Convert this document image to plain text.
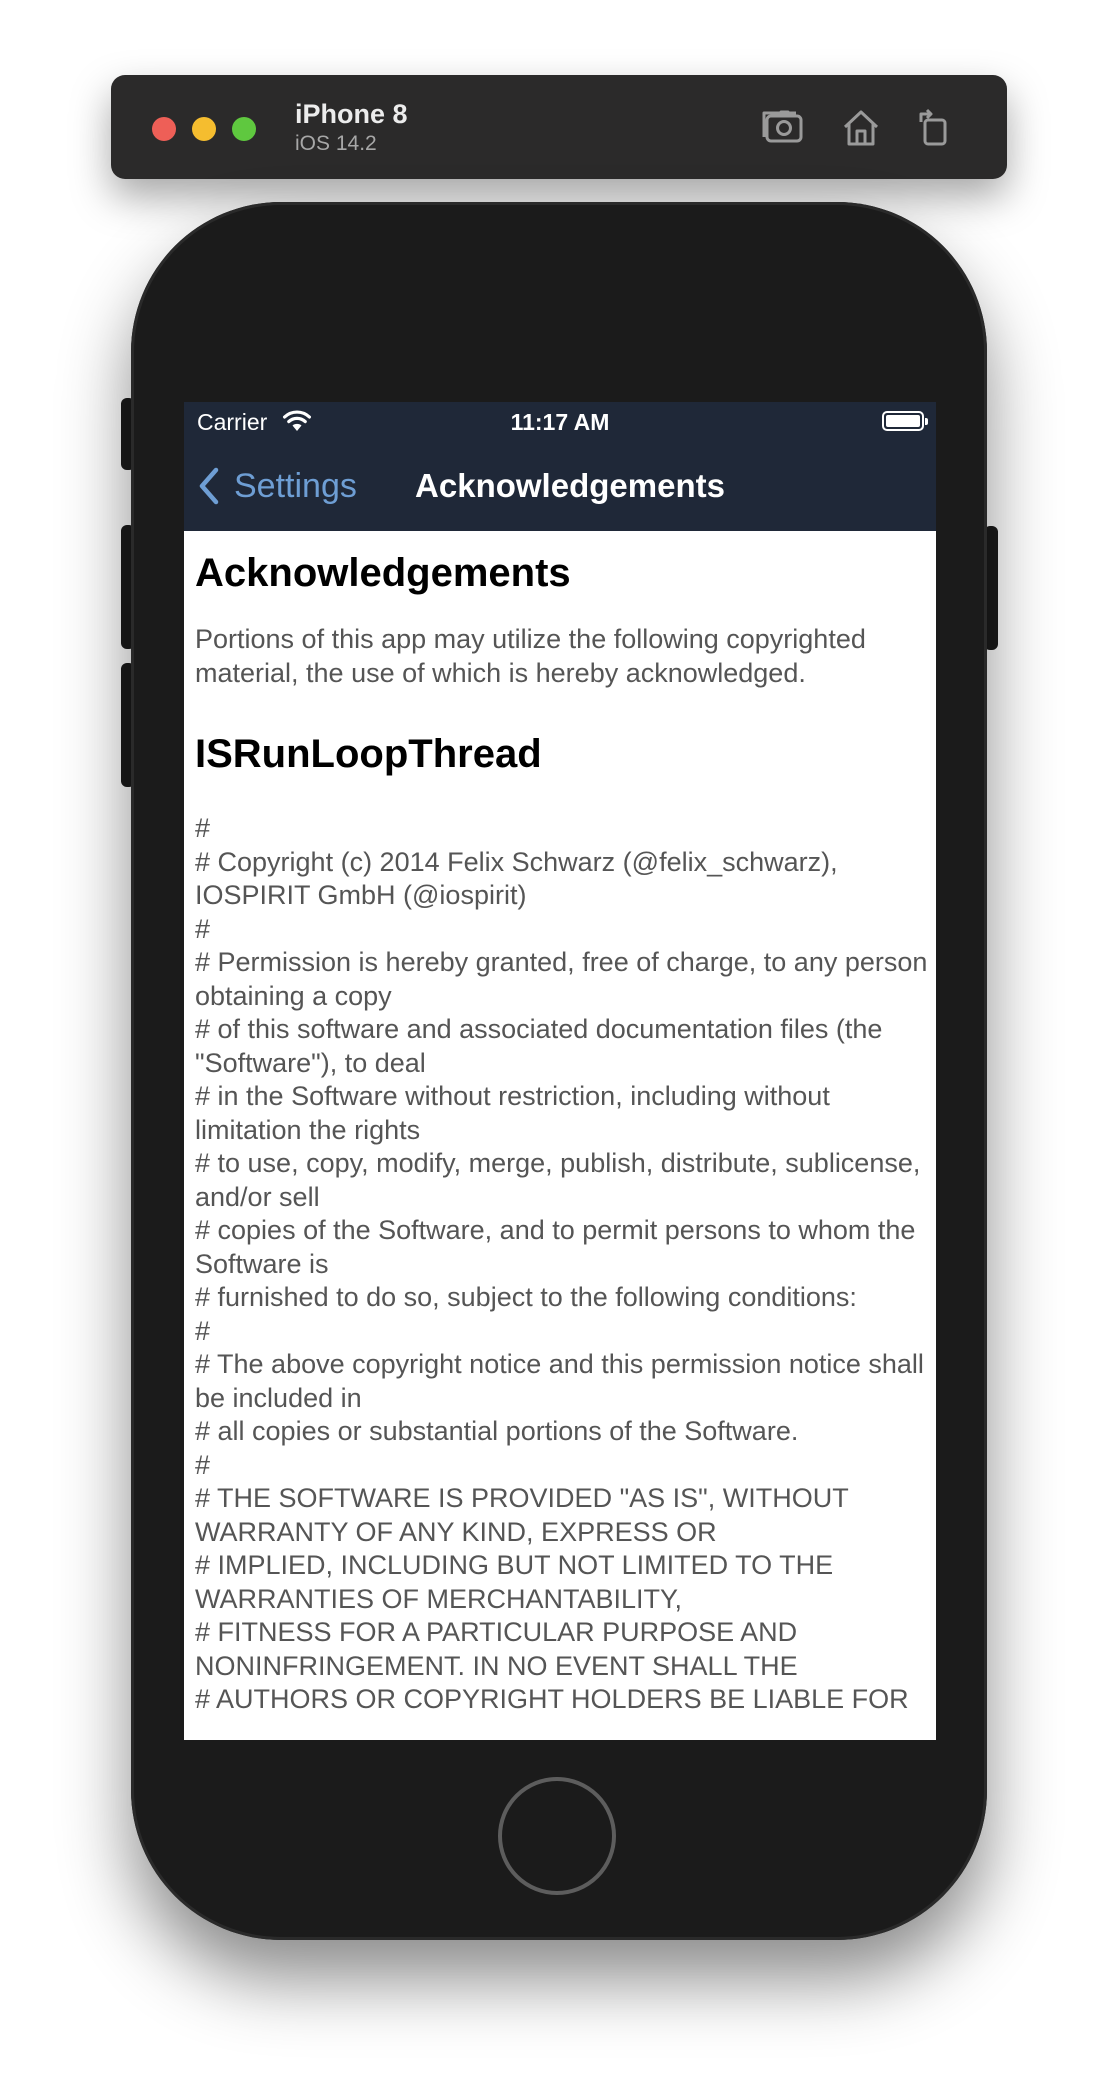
iPhone 8
iOS 14.2
Carrier	11:17 AM
Settings	Acknowledgements
Acknowledgements
Portions of this app may utilize the following copyrighted material, the use of which is hereby acknowledged.
ISRunLoopThread
#
# Copyright (c) 2014 Felix Schwarz (@felix_schwarz), IOSPIRIT GmbH (@iospirit)
#
# Permission is hereby granted, free of charge, to any person obtaining a copy
# of this software and associated documentation files (the "Software"), to deal
# in the Software without restriction, including without limitation the rights
# to use, copy, modify, merge, publish, distribute, sublicense, and/or sell
# copies of the Software, and to permit persons to whom the Software is
# furnished to do so, subject to the following conditions:
#
# The above copyright notice and this permission notice shall be included in
# all copies or substantial portions of the Software.
#
# THE SOFTWARE IS PROVIDED "AS IS", WITHOUT WARRANTY OF ANY KIND, EXPRESS OR
# IMPLIED, INCLUDING BUT NOT LIMITED TO THE WARRANTIES OF MERCHANTABILITY,
# FITNESS FOR A PARTICULAR PURPOSE AND NONINFRINGEMENT. IN NO EVENT SHALL THE
# AUTHORS OR COPYRIGHT HOLDERS BE LIABLE FOR
